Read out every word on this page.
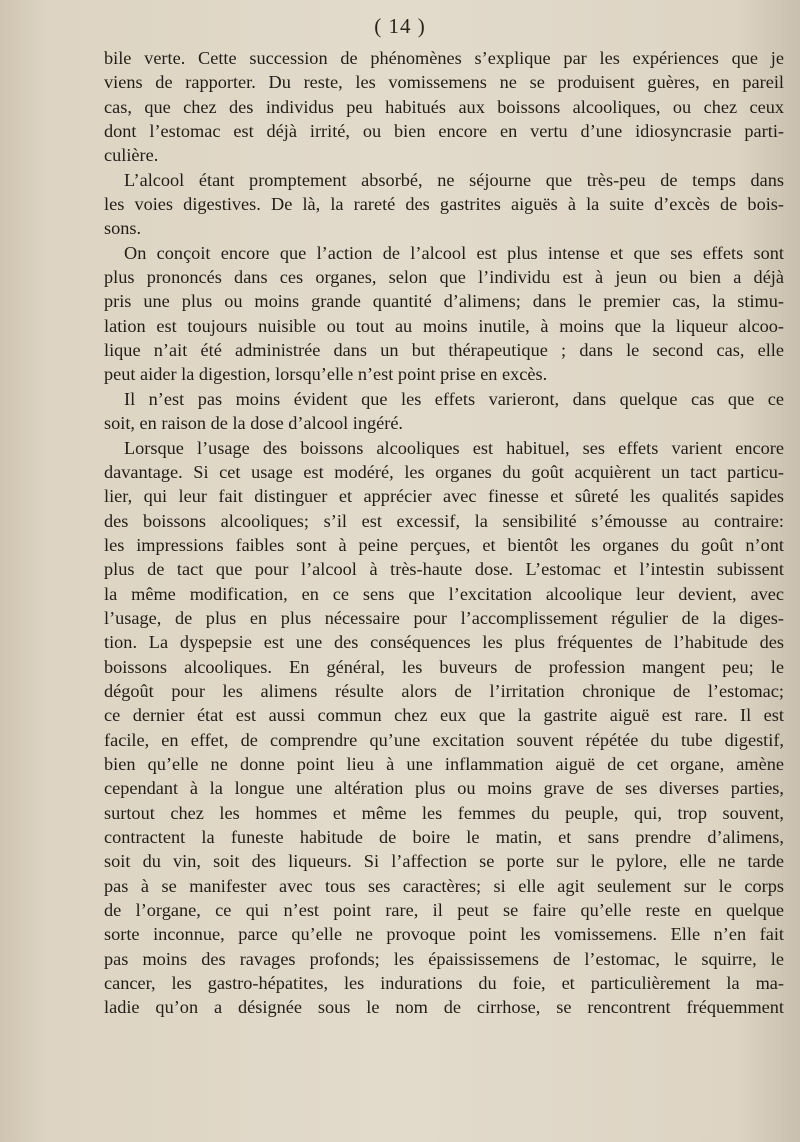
( 14 )

bile verte. Cette succession de phénomènes s’explique par les expériences que je
viens de rapporter. Du reste, les vomissemens ne se produisent guères, en pareil
cas, que chez des individus peu habitués aux boissons alcooliques, ou chez ceux
dont l’estomac est déjà irrité, ou bien encore en vertu d’une idiosyncrasie parti-
culière.

L’alcool étant promptement absorbé, ne séjourne que très-peu de temps dans
les voies digestives. De là, la rareté des gastrites aiguës à la suite d’excès de bois-
sons.

On conçoit encore que l’action de l’alcool est plus intense et que ses effets sont
plus prononcés dans ces organes, selon que l’individu est à jeun ou bien a déjà
pris une plus ou moins grande quantité d’alimens; dans le premier cas, la stimu-
lation est toujours nuisible ou tout au moins inutile, à moins que la liqueur alcoo-
lique n’ait été administrée dans un but thérapeutique ; dans le second cas, elle
peut aider la digestion, lorsqu’elle n’est point prise en excès.

Il n’est pas moins évident que les effets varieront, dans quelque cas que ce
soit, en raison de la dose d’alcool ingéré.

Lorsque l’usage des boissons alcooliques est habituel, ses effets varient encore
davantage. Si cet usage est modéré, les organes du goût acquièrent un tact particu-
lier, qui leur fait distinguer et apprécier avec finesse et sûreté les qualités sapides
des boissons alcooliques; s’il est excessif, la sensibilité s’émousse au contraire:
les impressions faibles sont à peine perçues, et bientôt les organes du goût n’ont
plus de tact que pour l’alcool à très-haute dose. L’estomac et l’intestin subissent
la même modification, en ce sens que l’excitation alcoolique leur devient, avec
l’usage, de plus en plus nécessaire pour l’accomplissement régulier de la diges-
tion. La dyspepsie est une des conséquences les plus fréquentes de l’habitude des
boissons alcooliques. En général, les buveurs de profession mangent peu; le
dégoût pour les alimens résulte alors de l’irritation chronique de l’estomac;
ce dernier état est aussi commun chez eux que la gastrite aiguë est rare. Il est
facile, en effet, de comprendre qu’une excitation souvent répétée du tube digestif,
bien qu’elle ne donne point lieu à une inflammation aiguë de cet organe, amène
cependant à la longue une altération plus ou moins grave de ses diverses parties,
surtout chez les hommes et même les femmes du peuple, qui, trop souvent,
contractent la funeste habitude de boire le matin, et sans prendre d’alimens,
soit du vin, soit des liqueurs. Si l’affection se porte sur le pylore, elle ne tarde
pas à se manifester avec tous ses caractères; si elle agit seulement sur le corps
de l’organe, ce qui n’est point rare, il peut se faire qu’elle reste en quelque
sorte inconnue, parce qu’elle ne provoque point les vomissemens. Elle n’en fait
pas moins des ravages profonds; les épaississemens de l’estomac, le squirre, le
cancer, les gastro-hépatites, les indurations du foie, et particulièrement la ma-
ladie qu’on a désignée sous le nom de cirrhose, se rencontrent fréquemment
